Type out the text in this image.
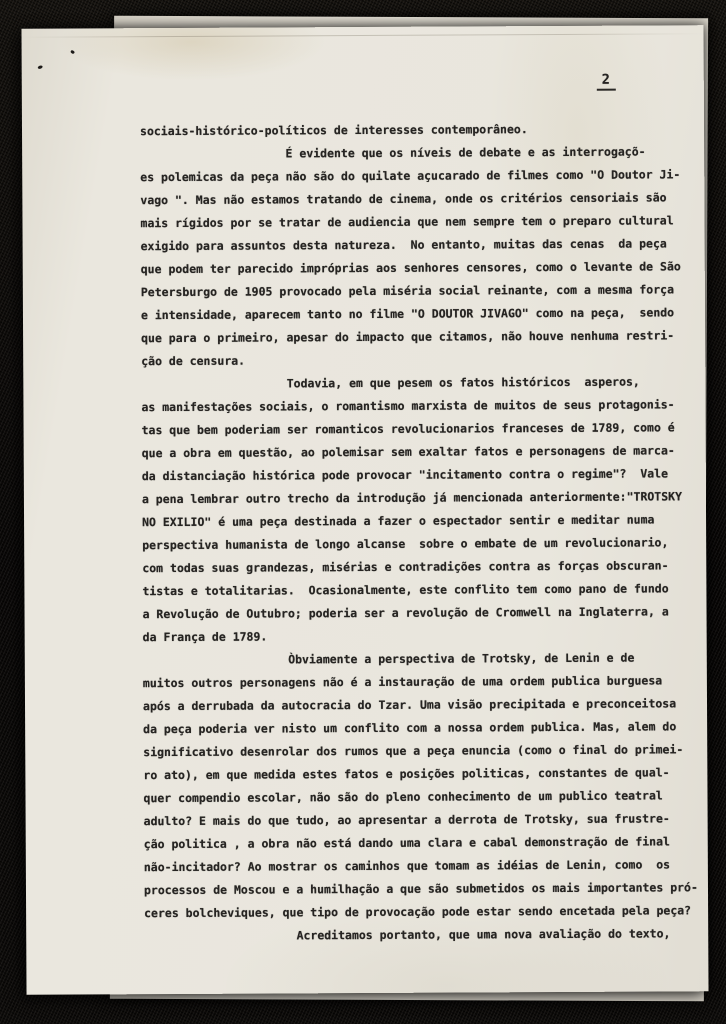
2
sociais-histórico-políticos de interesses contemporâneo.
É evidente que os níveis de debate e as interrogaçõ-
es polemicas da peça não são do quilate açucarado de filmes como "O Doutor Ji-
vago ". Mas não estamos tratando de cinema, onde os critérios censoriais são
mais rígidos por se tratar de audiencia que nem sempre tem o preparo cultural
exigido para assuntos desta natureza.  No entanto, muitas das cenas  da peça
que podem ter parecido impróprias aos senhores censores, como o levante de São
Petersburgo de 1905 provocado pela miséria social reinante, com a mesma força
e intensidade, aparecem tanto no filme "O DOUTOR JIVAGO" como na peça,  sendo
que para o primeiro, apesar do impacto que citamos, não houve nenhuma restri-
ção de censura.
Todavia, em que pesem os fatos históricos  asperos,
as manifestações sociais, o romantismo marxista de muitos de seus protagonis-
tas que bem poderiam ser romanticos revolucionarios franceses de 1789, como é
que a obra em questão, ao polemisar sem exaltar fatos e personagens de marca-
da distanciação histórica pode provocar "incitamento contra o regime"?  Vale
a pena lembrar outro trecho da introdução já mencionada anteriormente:"TROTSKY
NO EXILIO" é uma peça destinada a fazer o espectador sentir e meditar numa
perspectiva humanista de longo alcanse  sobre o embate de um revolucionario,
com todas suas grandezas, misérias e contradições contra as forças obscuran-
tistas e totalitarias.  Ocasionalmente, este conflito tem como pano de fundo
a Revolução de Outubro; poderia ser a revolução de Cromwell na Inglaterra, a
da França de 1789.
Òbviamente a perspectiva de Trotsky, de Lenin e de
muitos outros personagens não é a instauração de uma ordem publica burguesa
após a derrubada da autocracia do Tzar. Uma visão precipitada e preconceitosa
da peça poderia ver nisto um conflito com a nossa ordem publica. Mas, alem do
significativo desenrolar dos rumos que a peça enuncia (como o final do primei-
ro ato), em que medida estes fatos e posições politicas, constantes de qual-
quer compendio escolar, não são do pleno conhecimento de um publico teatral
adulto? E mais do que tudo, ao apresentar a derrota de Trotsky, sua frustre-
ção politica , a obra não está dando uma clara e cabal demonstração de final
não-incitador? Ao mostrar os caminhos que tomam as idéias de Lenin, como  os
processos de Moscou e a humilhação a que são submetidos os mais importantes pró-
ceres bolcheviques, que tipo de provocação pode estar sendo encetada pela peça?
Acreditamos portanto, que uma nova avaliação do texto,
